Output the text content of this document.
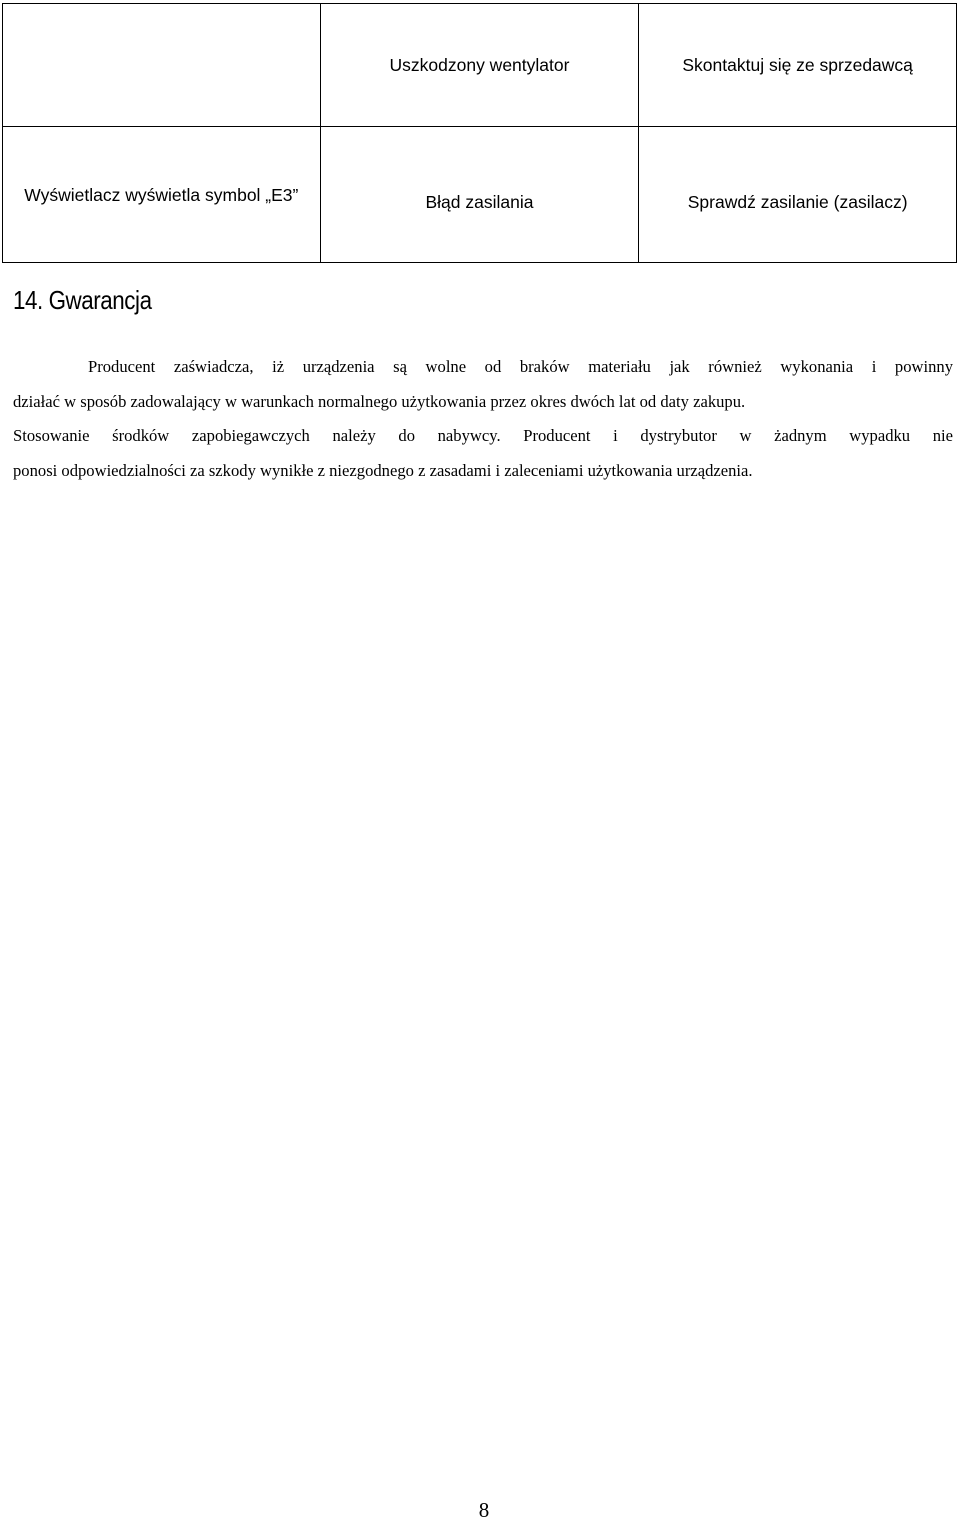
	Uszkodzony wentylator	Skontaktuj się ze sprzedawcą
Wyświetlacz wyświetla symbol „E3”	Błąd zasilania	Sprawdź zasilanie (zasilacz)
14. Gwarancja
Producent zaświadcza, iż urządzenia są wolne od braków materiału jak również wykonania i powinny
działać w sposób zadowalający w warunkach normalnego użytkowania przez okres dwóch lat od daty zakupu.
Stosowanie środków zapobiegawczych należy do nabywcy. Producent i dystrybutor w żadnym wypadku nie
ponosi odpowiedzialności za szkody wynikłe z niezgodnego z zasadami i zaleceniami użytkowania urządzenia.
8
